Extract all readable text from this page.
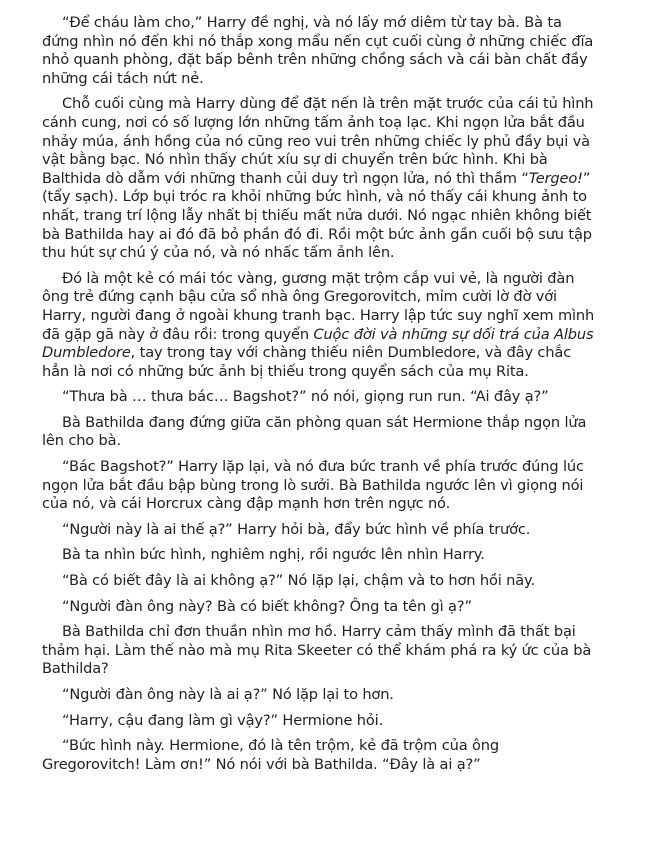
“Để cháu làm cho,” Harry đề nghị, và nó lấy mớ diêm từ tay bà. Bà ta đứng nhìn nó đến khi nó thắp xong mẩu nến cụt cuối cùng ở những chiếc đĩa nhỏ quanh phòng, đặt bấp bênh trên những chồng sách và cái bàn chất đầy những cái tách nứt nẻ.

Chỗ cuối cùng mà Harry dùng để đặt nến là trên mặt trước của cái tủ hình cánh cung, nơi có số lượng lớn những tấm ảnh toạ lạc. Khi ngọn lửa bắt đầu nhảy múa, ánh hồng của nó cũng reo vui trên những chiếc ly phủ đầy bụi và vật bằng bạc. Nó nhìn thấy chút xíu sự di chuyển trên bức hình. Khi bà Balthida dò dẫm với những thanh củi duy trì ngọn lửa, nó thì thầm “Tergeo!” (tẩy sạch). Lớp bụi tróc ra khỏi những bức hình, và nó thấy cái khung ảnh to nhất, trang trí lộng lẫy nhất bị thiếu mất nửa dưới. Nó ngạc nhiên không biết bà Bathilda hay ai đó đã bỏ phần đó đi. Rồi một bức ảnh gần cuối bộ sưu tập thu hút sự chú ý của nó, và nó nhấc tấm ảnh lên.

Đó là một kẻ có mái tóc vàng, gương mặt trộm cắp vui vẻ, là người đàn ông trẻ đứng cạnh bậu cửa sổ nhà ông Gregorovitch, mỉm cười lờ đờ với Harry, người đang ở ngoài khung tranh bạc. Harry lập tức suy nghĩ xem mình đã gặp gã này ở đâu rồi: trong quyển Cuộc đời và những sự dối trá của Albus Dumbledore, tay trong tay với chàng thiếu niên Dumbledore, và đây chắc hẳn là nơi có những bức ảnh bị thiếu trong quyển sách của mụ Rita.

“Thưa bà … thưa bác… Bagshot?” nó nói, giọng run run. “Ai đây ạ?”

Bà Bathilda đang đứng giữa căn phòng quan sát Hermione thắp ngọn lửa lên cho bà.

“Bác Bagshot?” Harry lặp lại, và nó đưa bức tranh về phía trước đúng lúc ngọn lửa bắt đầu bập bùng trong lò sưởi. Bà Bathilda ngước lên vì giọng nói của nó, và cái Horcrux càng đập mạnh hơn trên ngực nó.

“Người này là ai thế ạ?” Harry hỏi bà, đẩy bức hình về phía trước.

Bà ta nhìn bức hình, nghiêm nghị, rồi ngước lên nhìn Harry.

“Bà có biết đây là ai không ạ?” Nó lặp lại, chậm và to hơn hồi nãy.

“Người đàn ông này? Bà có biết không? Ông ta tên gì ạ?”

Bà Bathilda chỉ đơn thuần nhìn mơ hồ. Harry cảm thấy mình đã thất bại thảm hại. Làm thế nào mà mụ Rita Skeeter có thể khám phá ra ký ức của bà Bathilda?

“Người đàn ông này là ai ạ?” Nó lặp lại to hơn.

“Harry, cậu đang làm gì vậy?” Hermione hỏi.

“Bức hình này. Hermione, đó là tên trộm, kẻ đã trộm của ông Gregorovitch! Làm ơn!” Nó nói với bà Bathilda. “Đây là ai ạ?”
